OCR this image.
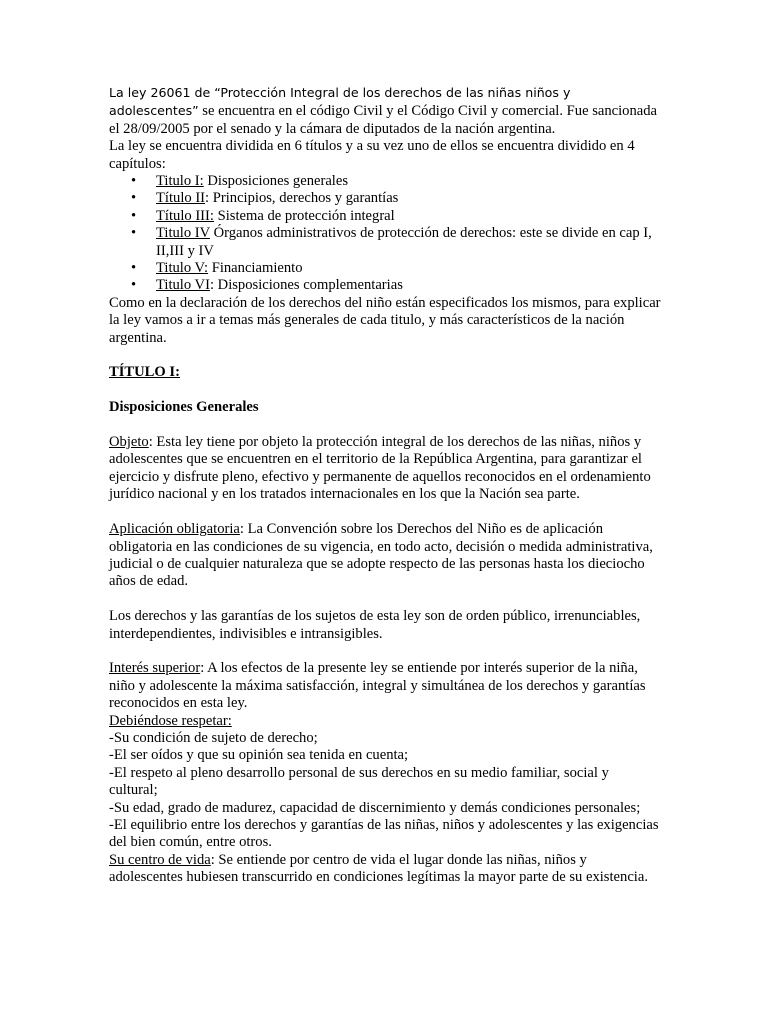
La ley 26061 de “Protección Integral de los derechos de las niñas niños y adolescentes” se encuentra en el código Civil y el Código Civil y comercial. Fue sancionada el 28/09/2005 por el senado y la cámara de diputados de la nación argentina.

La ley se encuentra dividida en 6 títulos y a su vez uno de ellos se encuentra dividido en 4 capítulos:

• Titulo I: Disposiciones generales
• Título II: Principios, derechos y garantías
• Título III: Sistema de protección integral
• Titulo IV Órganos administrativos de protección de derechos: este se divide en cap I, II,III y IV
• Titulo V: Financiamiento
• Titulo VI: Disposiciones complementarias

Como en la declaración de los derechos del niño están especificados los mismos, para explicar la ley vamos a ir a temas más generales de cada titulo, y más característicos de la nación argentina.

TÍTULO I:

Disposiciones Generales

Objeto: Esta ley tiene por objeto la protección integral de los derechos de las niñas, niños y adolescentes que se encuentren en el territorio de la República Argentina, para garantizar el ejercicio y disfrute pleno, efectivo y permanente de aquellos reconocidos en el ordenamiento jurídico nacional y en los tratados internacionales en los que la Nación sea parte.

Aplicación obligatoria: La Convención sobre los Derechos del Niño es de aplicación obligatoria en las condiciones de su vigencia, en todo acto, decisión o medida administrativa, judicial o de cualquier naturaleza que se adopte respecto de las personas hasta los dieciocho años de edad.

Los derechos y las garantías de los sujetos de esta ley son de orden público, irrenunciables, interdependientes, indivisibles e intransigibles.

Interés superior: A los efectos de la presente ley se entiende por interés superior de la niña, niño y adolescente la máxima satisfacción, integral y simultánea de los derechos y garantías reconocidos en esta ley.

Debiéndose respetar:

-Su condición de sujeto de derecho;

-El ser oídos y que su opinión sea tenida en cuenta;

-El respeto al pleno desarrollo personal de sus derechos en su medio familiar, social y cultural;

-Su edad, grado de madurez, capacidad de discernimiento y demás condiciones personales;

-El equilibrio entre los derechos y garantías de las niñas, niños y adolescentes y las exigencias del bien común, entre otros.

Su centro de vida: Se entiende por centro de vida el lugar donde las niñas, niños y adolescentes hubiesen transcurrido en condiciones legítimas la mayor parte de su existencia.
